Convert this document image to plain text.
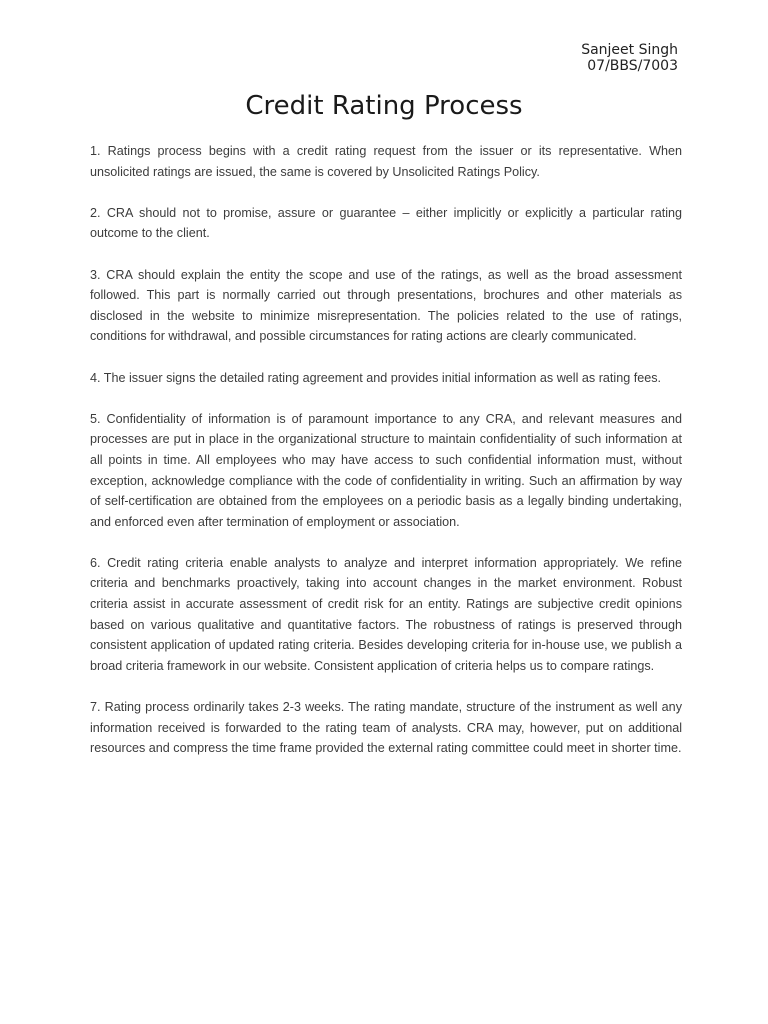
Sanjeet Singh
07/BBS/7003
Credit Rating Process

1. Ratings process begins with a credit rating request from the issuer or its representative. When unsolicited ratings are issued, the same is covered by Unsolicited Ratings Policy.

2. CRA should not to promise, assure or guarantee – either implicitly or explicitly a particular rating outcome to the client.

3. CRA should explain the entity the scope and use of the ratings, as well as the broad assessment followed. This part is normally carried out through presentations, brochures and other materials as disclosed in the website to minimize misrepresentation. The policies related to the use of ratings, conditions for withdrawal, and possible circumstances for rating actions are clearly communicated.

4. The issuer signs the detailed rating agreement and provides initial information as well as rating fees.

5. Confidentiality of information is of paramount importance to any CRA, and relevant measures and processes are put in place in the organizational structure to maintain confidentiality of such information at all points in time. All employees who may have access to such confidential information must, without exception, acknowledge compliance with the code of confidentiality in writing. Such an affirmation by way of self-certification are obtained from the employees on a periodic basis as a legally binding undertaking, and enforced even after termination of employment or association.

6. Credit rating criteria enable analysts to analyze and interpret information appropriately. We refine criteria and benchmarks proactively, taking into account changes in the market environment. Robust criteria assist in accurate assessment of credit risk for an entity. Ratings are subjective credit opinions based on various qualitative and quantitative factors. The robustness of ratings is preserved through consistent application of updated rating criteria. Besides developing criteria for in-house use, we publish a broad criteria framework in our website. Consistent application of criteria helps us to compare ratings.

7. Rating process ordinarily takes 2-3 weeks. The rating mandate, structure of the instrument as well any information received is forwarded to the rating team of analysts. CRA may, however, put on additional resources and compress the time frame provided the external rating committee could meet in shorter time.
